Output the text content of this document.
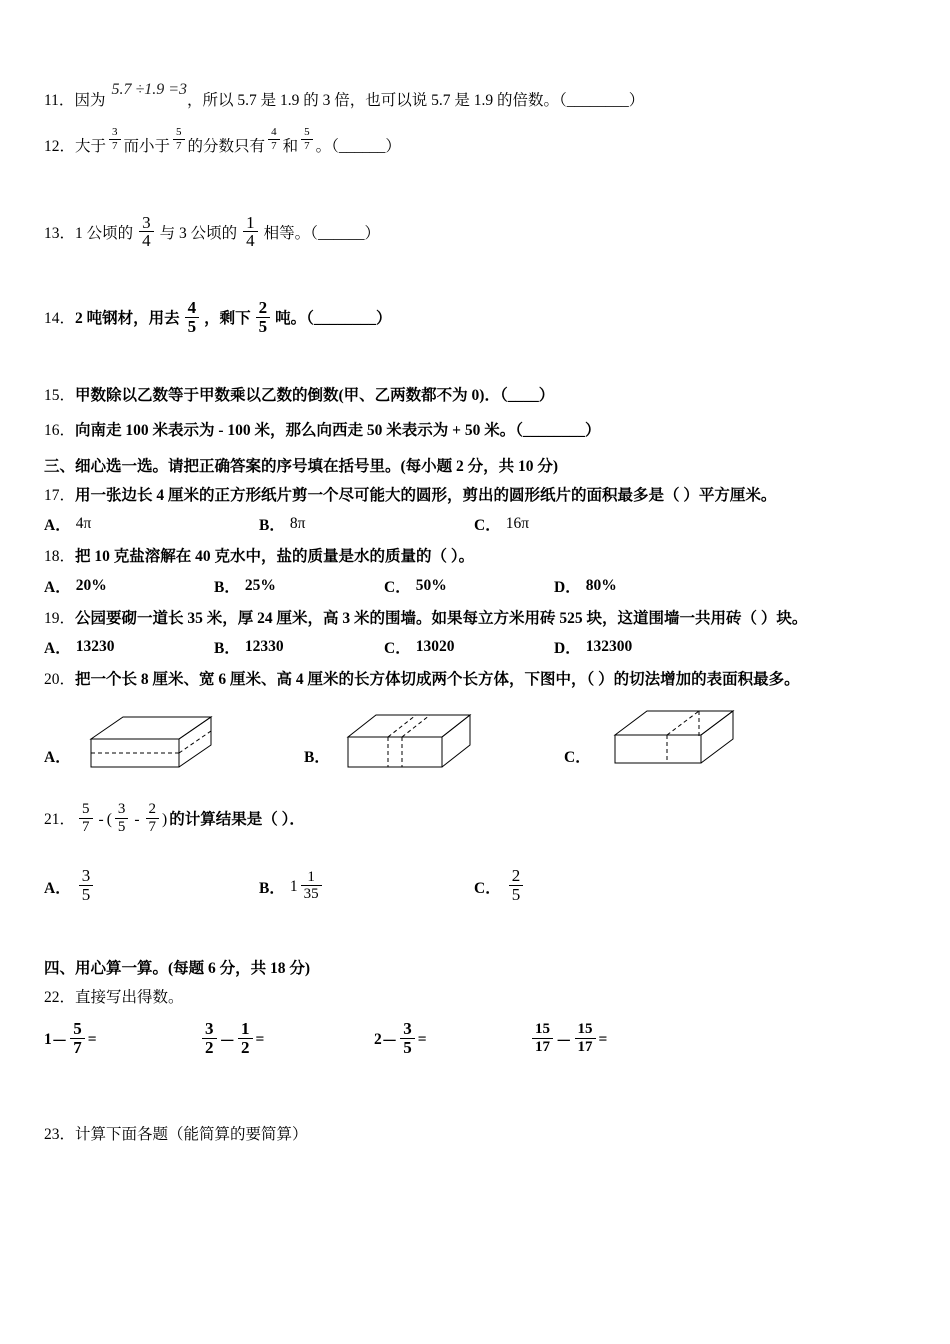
11． 因为
5.7 ÷1.9 =3
，所以 5.7 是 1.9 的 3 倍，也可以说 5.7 是 1.9 的倍数。（ ________ ）
12． 大于 $\frac{3}{7}$ 而小于 $\frac{5}{7}$ 的分数只有 $\frac{4}{7}$ 和 $\frac{5}{7}$ 。（ ______ ）
13． 1 公顷的 $\frac{3}{4}$ 与 3 公顷的 $\frac{1}{4}$ 相等。（ ______ ）
14． 2 吨钢材，用去 $\frac{4}{5}$ ，剩下 $\frac{2}{5}$ 吨。（ ________ ）
15． 甲数除以乙数等于甲数乘以乙数的倒数(甲、乙两数都不为 0)．（ ____ ）
16． 向南走 100 米表示为 - 100 米，那么向西走 50 米表示为 + 50 米。（ ________ ）
三、细心选一选。请把正确答案的序号填在括号里。(每小题 2 分，共 10 分)
17．用一张边长 4 厘米的正方形纸片剪一个尽可能大的圆形，剪出的圆形纸片的面积最多是（ ）平方厘米。
A． 4π	B． 8π	C． 16π
18．把 10 克盐溶解在 40 克水中，盐的质量是水的质量的（ ）。
A． 20%	B． 25%	C． 50%	D． 80%
19．公园要砌一道长 35 米，厚 24 厘米，高 3 米的围墙。如果每立方米用砖 525 块，这道围墙一共用砖（ ）块。
A． 13230	B． 12330	C． 13020	D． 132300
20．把一个长 8 厘米、宽 6 厘米、高 4 厘米的长方体切成两个长方体，下图中，（ ）的切法增加的表面积最多。
A．	B．	C．
21． $\frac{5}{7}$ - ( $\frac{3}{5} - \frac{2}{7}$ ) 的计算结果是（ ）．
A． $\frac{3}{5}$	B． $1 \frac{1}{35}$	C． $\frac{2}{5}$
四、用心算一算。(每题 6 分，共 18 分)
22．直接写出得数。
$1 - \frac{5}{7}$ =	$\frac{3}{2} - \frac{1}{2}$ =	$2 - \frac{3}{5}$ =	$\frac{15}{17} - \frac{15}{17}$ =
23．计算下面各题（能简算的要简算）
